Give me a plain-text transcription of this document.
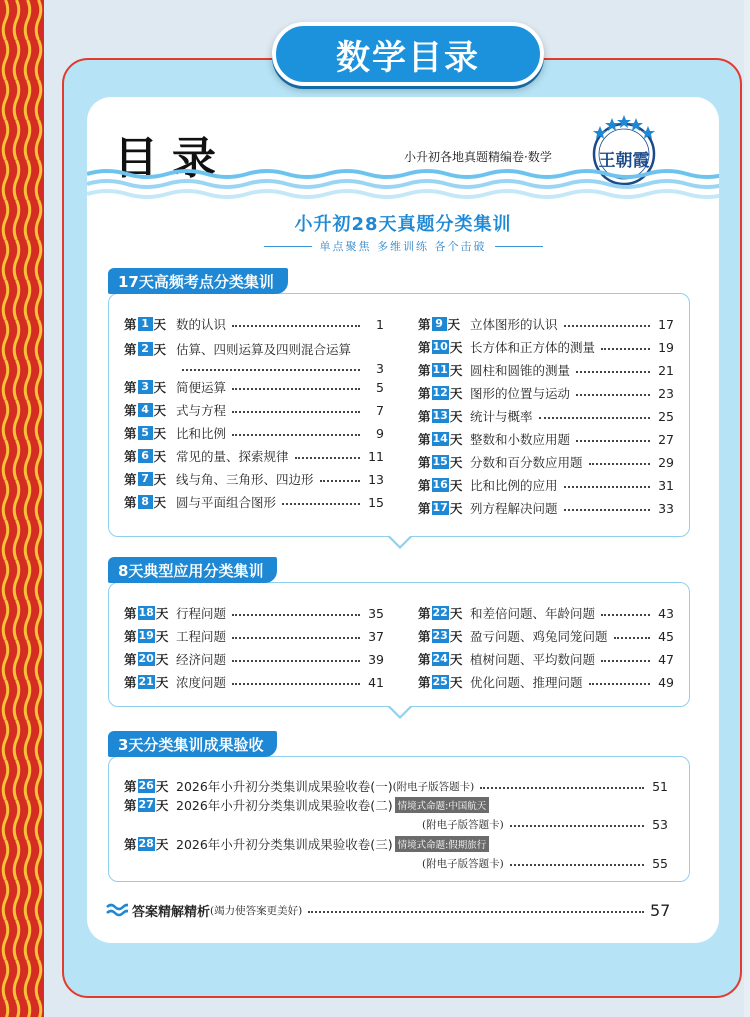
数学目录
目录	小升初各地真题精编卷·数学	王朝霞
小升初28天真题分类集训
单点聚焦 多维训练 各个击破
17天高频考点分类集训
8天典型应用分类集训
3天分类集训成果验收
答案精解精析 (竭力使答案更美好)	57
第 1 天 数的认识	1
第 2 天 估算、四则运算及四则混合运算
3
第 3 天 简便运算	5
第 4 天 式与方程	7
第 5 天 比和比例	9
第 6 天 常见的量、探索规律	11
第 7 天 线与角、三角形、四边形	13
第 8 天 圆与平面组合图形	15
第 9 天 立体图形的认识	17
第 10 天 长方体和正方体的测量	19
第 11 天 圆柱和圆锥的测量	21
第 12 天 图形的位置与运动	23
第 13 天 统计与概率	25
第 14 天 整数和小数应用题	27
第 15 天 分数和百分数应用题	29
第 16 天 比和比例的应用	31
第 17 天 列方程解决问题	33
第 18 天 行程问题	35
第 19 天 工程问题	37
第 20 天 经济问题	39
第 21 天 浓度问题	41
第 22 天 和差倍问题、年龄问题	43
第 23 天 盈亏问题、鸡兔同笼问题	45
第 24 天 植树问题、平均数问题	47
第 25 天 优化问题、推理问题	49
第 26 天 2026年小升初分类集训成果验收卷(一) (附电子版答题卡)	51
第 27 天 2026年小升初分类集训成果验收卷(二) 情境式命题:中国航天
(附电子版答题卡)	53
第 28 天 2026年小升初分类集训成果验收卷(三) 情境式命题:假期旅行
(附电子版答题卡)	55
